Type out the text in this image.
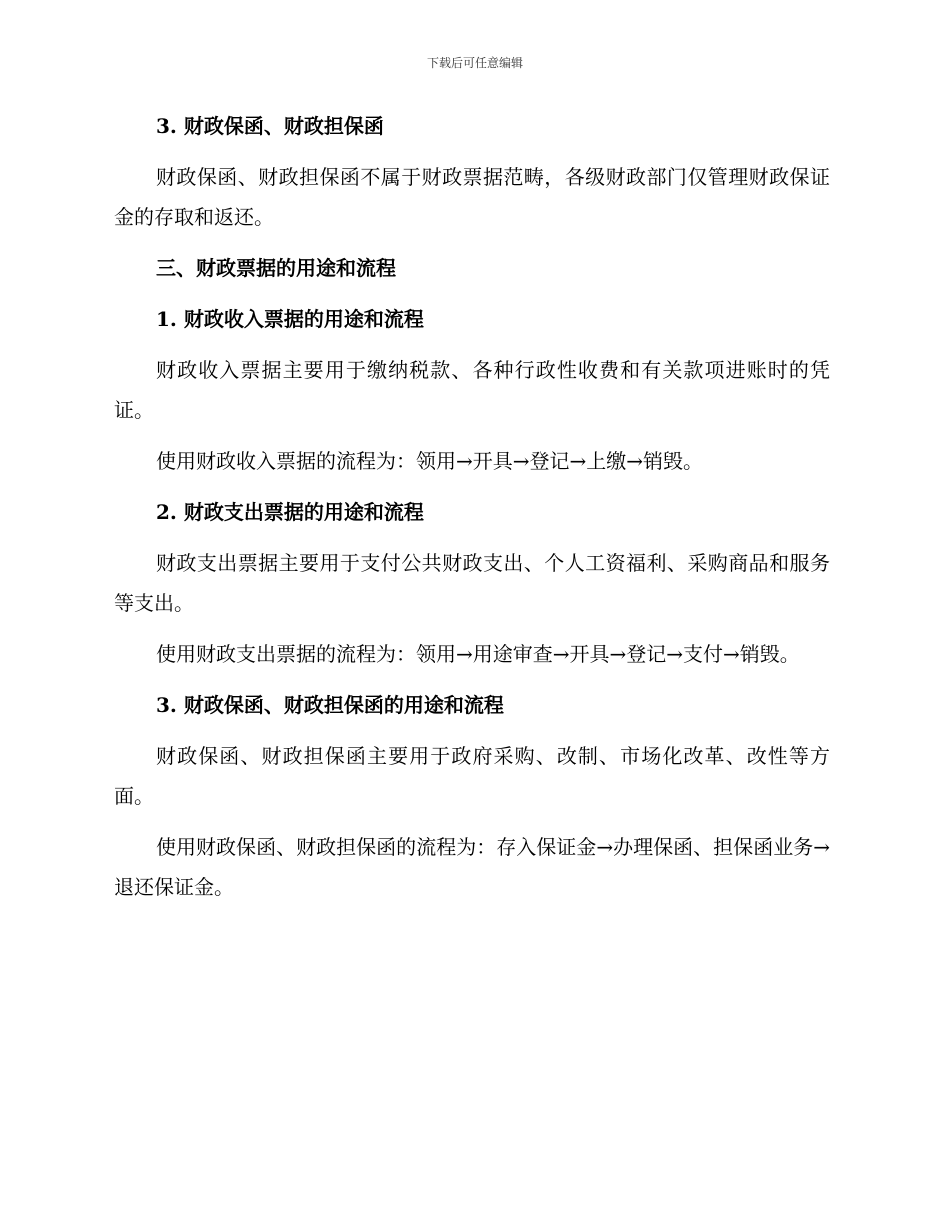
下载后可任意编辑
3. 财政保函、财政担保函

财政保函、财政担保函不属于财政票据范畴，各级财政部门仅管理财政保证金的存取和返还。

三、财政票据的用途和流程
1. 财政收入票据的用途和流程

财政收入票据主要用于缴纳税款、各种行政性收费和有关款项进账时的凭证。

使用财政收入票据的流程为：领用→开具→登记→上缴→销毁。

2. 财政支出票据的用途和流程

财政支出票据主要用于支付公共财政支出、个人工资福利、采购商品和服务等支出。

使用财政支出票据的流程为：领用→用途审查→开具→登记→支付→销毁。

3. 财政保函、财政担保函的用途和流程

财政保函、财政担保函主要用于政府采购、改制、市场化改革、改性等方面。

使用财政保函、财政担保函的流程为：存入保证金→办理保函、担保函业务→退还保证金。
